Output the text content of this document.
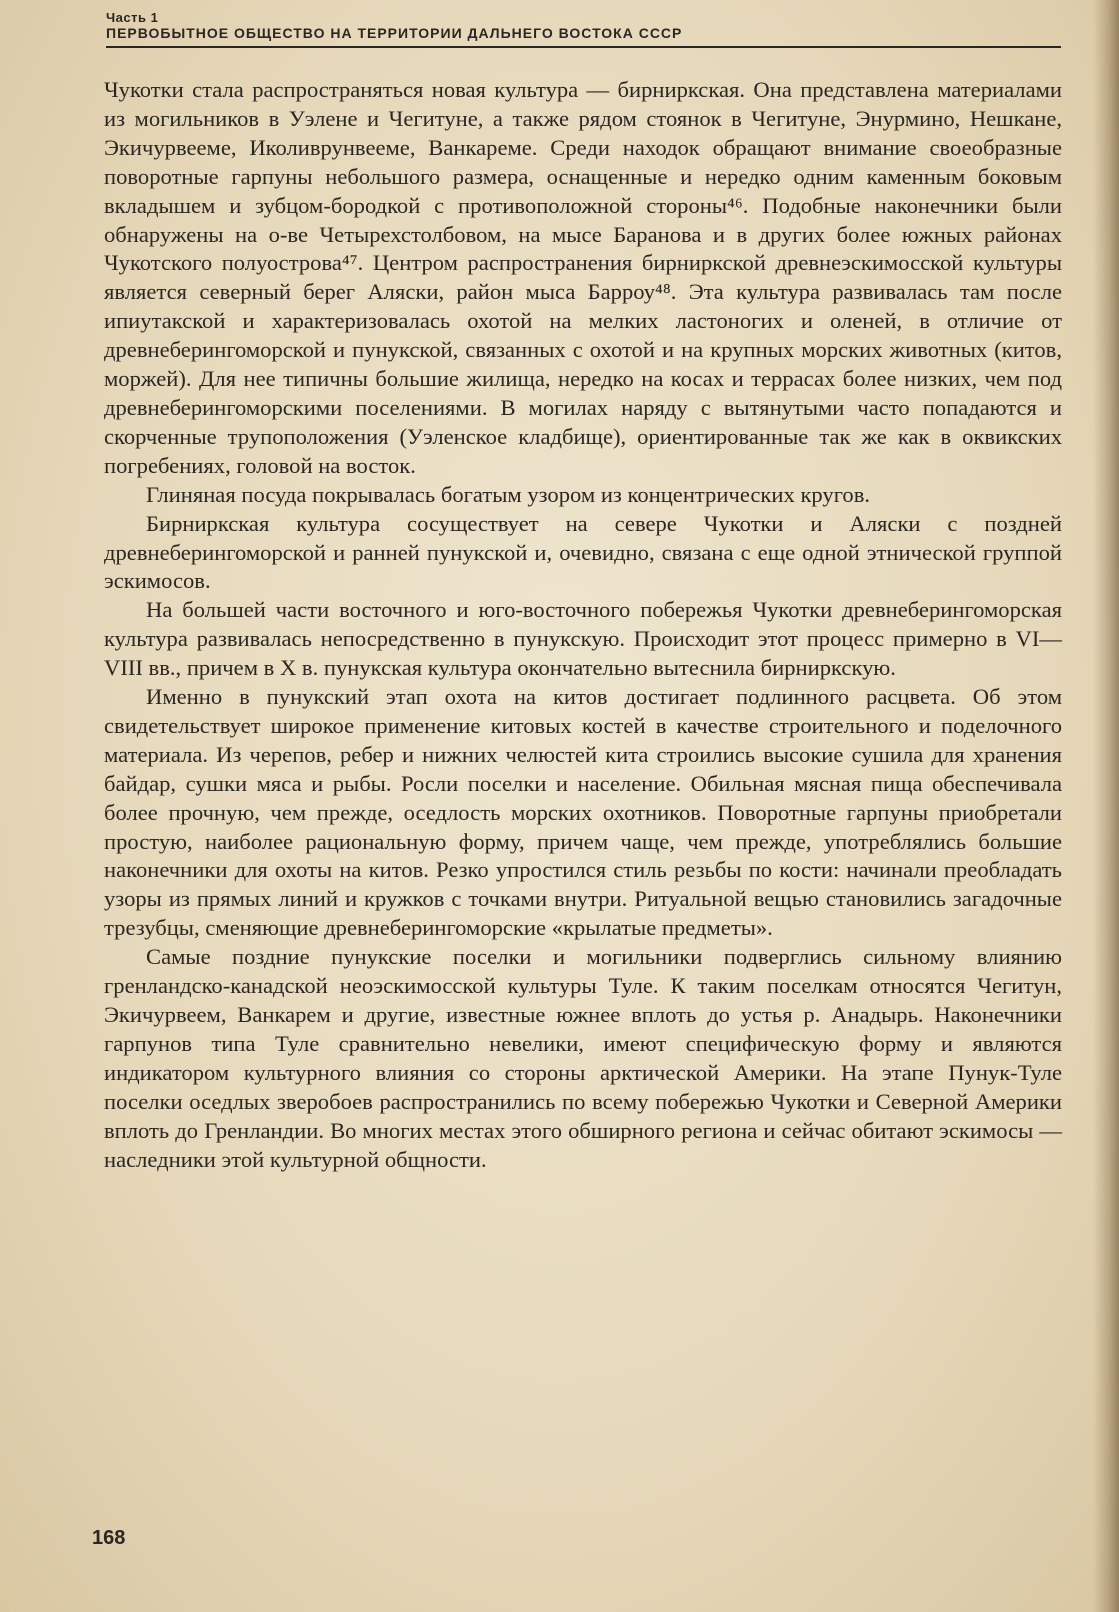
Часть 1
ПЕРВОБЫТНОЕ ОБЩЕСТВО НА ТЕРРИТОРИИ ДАЛЬНЕГО ВОСТОКА СССР

Чукотки стала распространяться новая культура — бирниркская. Она представлена материалами из могильников в Уэлене и Чегитуне, а также рядом стоянок в Чегитуне, Энурмино, Нешкане, Экичурвееме, Иколиврунвееме, Ванкареме. Среди находок обращают внимание своеобразные поворотные гарпуны небольшого размера, оснащенные и нередко одним каменным боковым вкладышем и зубцом-бородкой с противоположной стороны⁴⁶. Подобные наконечники были обнаружены на о-ве Четырехстолбовом, на мысе Баранова и в других более южных районах Чукотского полуострова⁴⁷. Центром распространения бирниркской древнеэскимосской культуры является северный берег Аляски, район мыса Барроу⁴⁸. Эта культура развивалась там после ипиутакской и характеризовалась охотой на мелких ластоногих и оленей, в отличие от древнеберингоморской и пунукской, связанных с охотой и на крупных морских животных (китов, моржей). Для нее типичны большие жилища, нередко на косах и террасах более низких, чем под древнеберингоморскими поселениями. В могилах наряду с вытянутыми часто попадаются и скорченные трупоположения (Уэленское кладбище), ориентированные так же как в оквикских погребениях, головой на восток.

Глиняная посуда покрывалась богатым узором из концентрических кругов.

Бирниркская культура сосуществует на севере Чукотки и Аляски с поздней древнеберингоморской и ранней пунукской и, очевидно, связана с еще одной этнической группой эскимосов.

На большей части восточного и юго-восточного побережья Чукотки древнеберингоморская культура развивалась непосредственно в пунукскую. Происходит этот процесс примерно в VI—VIII вв., причем в X в. пунукская культура окончательно вытеснила бирниркскую.

Именно в пунукский этап охота на китов достигает подлинного расцвета. Об этом свидетельствует широкое применение китовых костей в качестве строительного и поделочного материала. Из черепов, ребер и нижних челюстей кита строились высокие сушила для хранения байдар, сушки мяса и рыбы. Росли поселки и население. Обильная мясная пища обеспечивала более прочную, чем прежде, оседлость морских охотников. Поворотные гарпуны приобретали простую, наиболее рациональную форму, причем чаще, чем прежде, употреблялись большие наконечники для охоты на китов. Резко упростился стиль резьбы по кости: начинали преобладать узоры из прямых линий и кружков с точками внутри. Ритуальной вещью становились загадочные трезубцы, сменяющие древнеберингоморские «крылатые предметы».

Самые поздние пунукские поселки и могильники подверглись сильному влиянию гренландско-канадской неоэскимосской культуры Туле. К таким поселкам относятся Чегитун, Экичурвеем, Ванкарем и другие, известные южнее вплоть до устья р. Анадырь. Наконечники гарпунов типа Туле сравнительно невелики, имеют специфическую форму и являются индикатором культурного влияния со стороны арктической Америки. На этапе Пунук-Туле поселки оседлых зверобоев распространились по всему побережью Чукотки и Северной Америки вплоть до Гренландии. Во многих местах этого обширного региона и сейчас обитают эскимосы — наследники этой культурной общности.

168
